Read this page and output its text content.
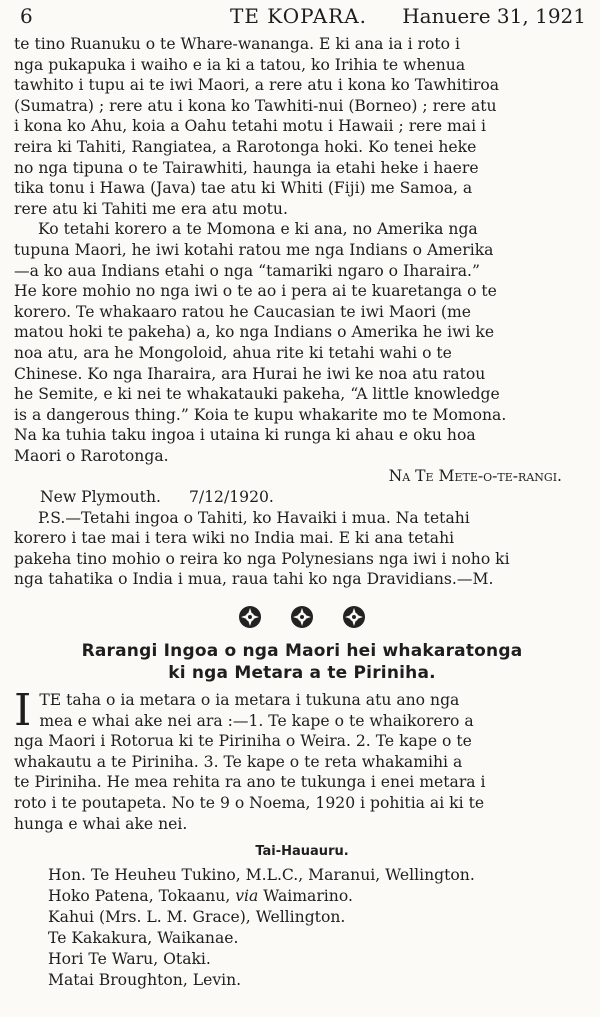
6	TE KOPARA. Hanuere 31, 1921
te tino Ruanuku o te Whare-wananga. E ki ana ia i roto i
nga pukapuka i waiho e ia ki a tatou, ko Irihia te whenua
tawhito i tupu ai te iwi Maori, a rere atu i kona ko Tawhitiroa
(Sumatra) ; rere atu i kona ko Tawhiti-nui (Borneo) ; rere atu
i kona ko Ahu, koia a Oahu tetahi motu i Hawaii ; rere mai i
reira ki Tahiti, Rangiatea, a Rarotonga hoki. Ko tenei heke
no nga tipuna o te Tairawhiti, haunga ia etahi heke i haere
tika tonu i Hawa (Java) tae atu ki Whiti (Fiji) me Samoa, a
rere atu ki Tahiti me era atu motu.
Ko tetahi korero a te Momona e ki ana, no Amerika nga
tupuna Maori, he iwi kotahi ratou me nga Indians o Amerika
—a ko aua Indians etahi o nga “tamariki ngaro o Iharaira.”
He kore mohio no nga iwi o te ao i pera ai te kuaretanga o te
korero. Te whakaaro ratou he Caucasian te iwi Maori (me
matou hoki te pakeha) a, ko nga Indians o Amerika he iwi ke
noa atu, ara he Mongoloid, ahua rite ki tetahi wahi o te
Chinese. Ko nga Iharaira, ara Hurai he iwi ke noa atu ratou
he Semite, e ki nei te whakatauki pakeha, “A little knowledge
is a dangerous thing.” Koia te kupu whakarite mo te Momona.
Na ka tuhia taku ingoa i utaina ki runga ki ahau e oku hoa
Maori o Rarotonga.
Na Te Mete-o-te-rangi.
New Plymouth. 7/12/1920.
P.S.—Tetahi ingoa o Tahiti, ko Havaiki i mua. Na tetahi
korero i tae mai i tera wiki no India mai. E ki ana tetahi
pakeha tino mohio o reira ko nga Polynesians nga iwi i noho ki
nga tahatika o India i mua, raua tahi ko nga Dravidians.—M.
Rarangi Ingoa o nga Maori hei whakaratonga
ki nga Metara a te Piriniha.
I TE taha o ia metara o ia metara i tukuna atu ano nga
mea e whai ake nei ara :—1. Te kape o te whaikorero a
nga Maori i Rotorua ki te Piriniha o Weira. 2. Te kape o te
whakautu a te Piriniha. 3. Te kape o te reta whakamihi a
te Piriniha. He mea rehita ra ano te tukunga i enei metara i
roto i te poutapeta. No te 9 o Noema, 1920 i pohitia ai ki te
hunga e whai ake nei.
Tai-Hauauru.
Hon. Te Heuheu Tukino, M.L.C., Maranui, Wellington.
Hoko Patena, Tokaanu, via Waimarino.
Kahui (Mrs. L. M. Grace), Wellington.
Te Kakakura, Waikanae.
Hori Te Waru, Otaki.
Matai Broughton, Levin.
